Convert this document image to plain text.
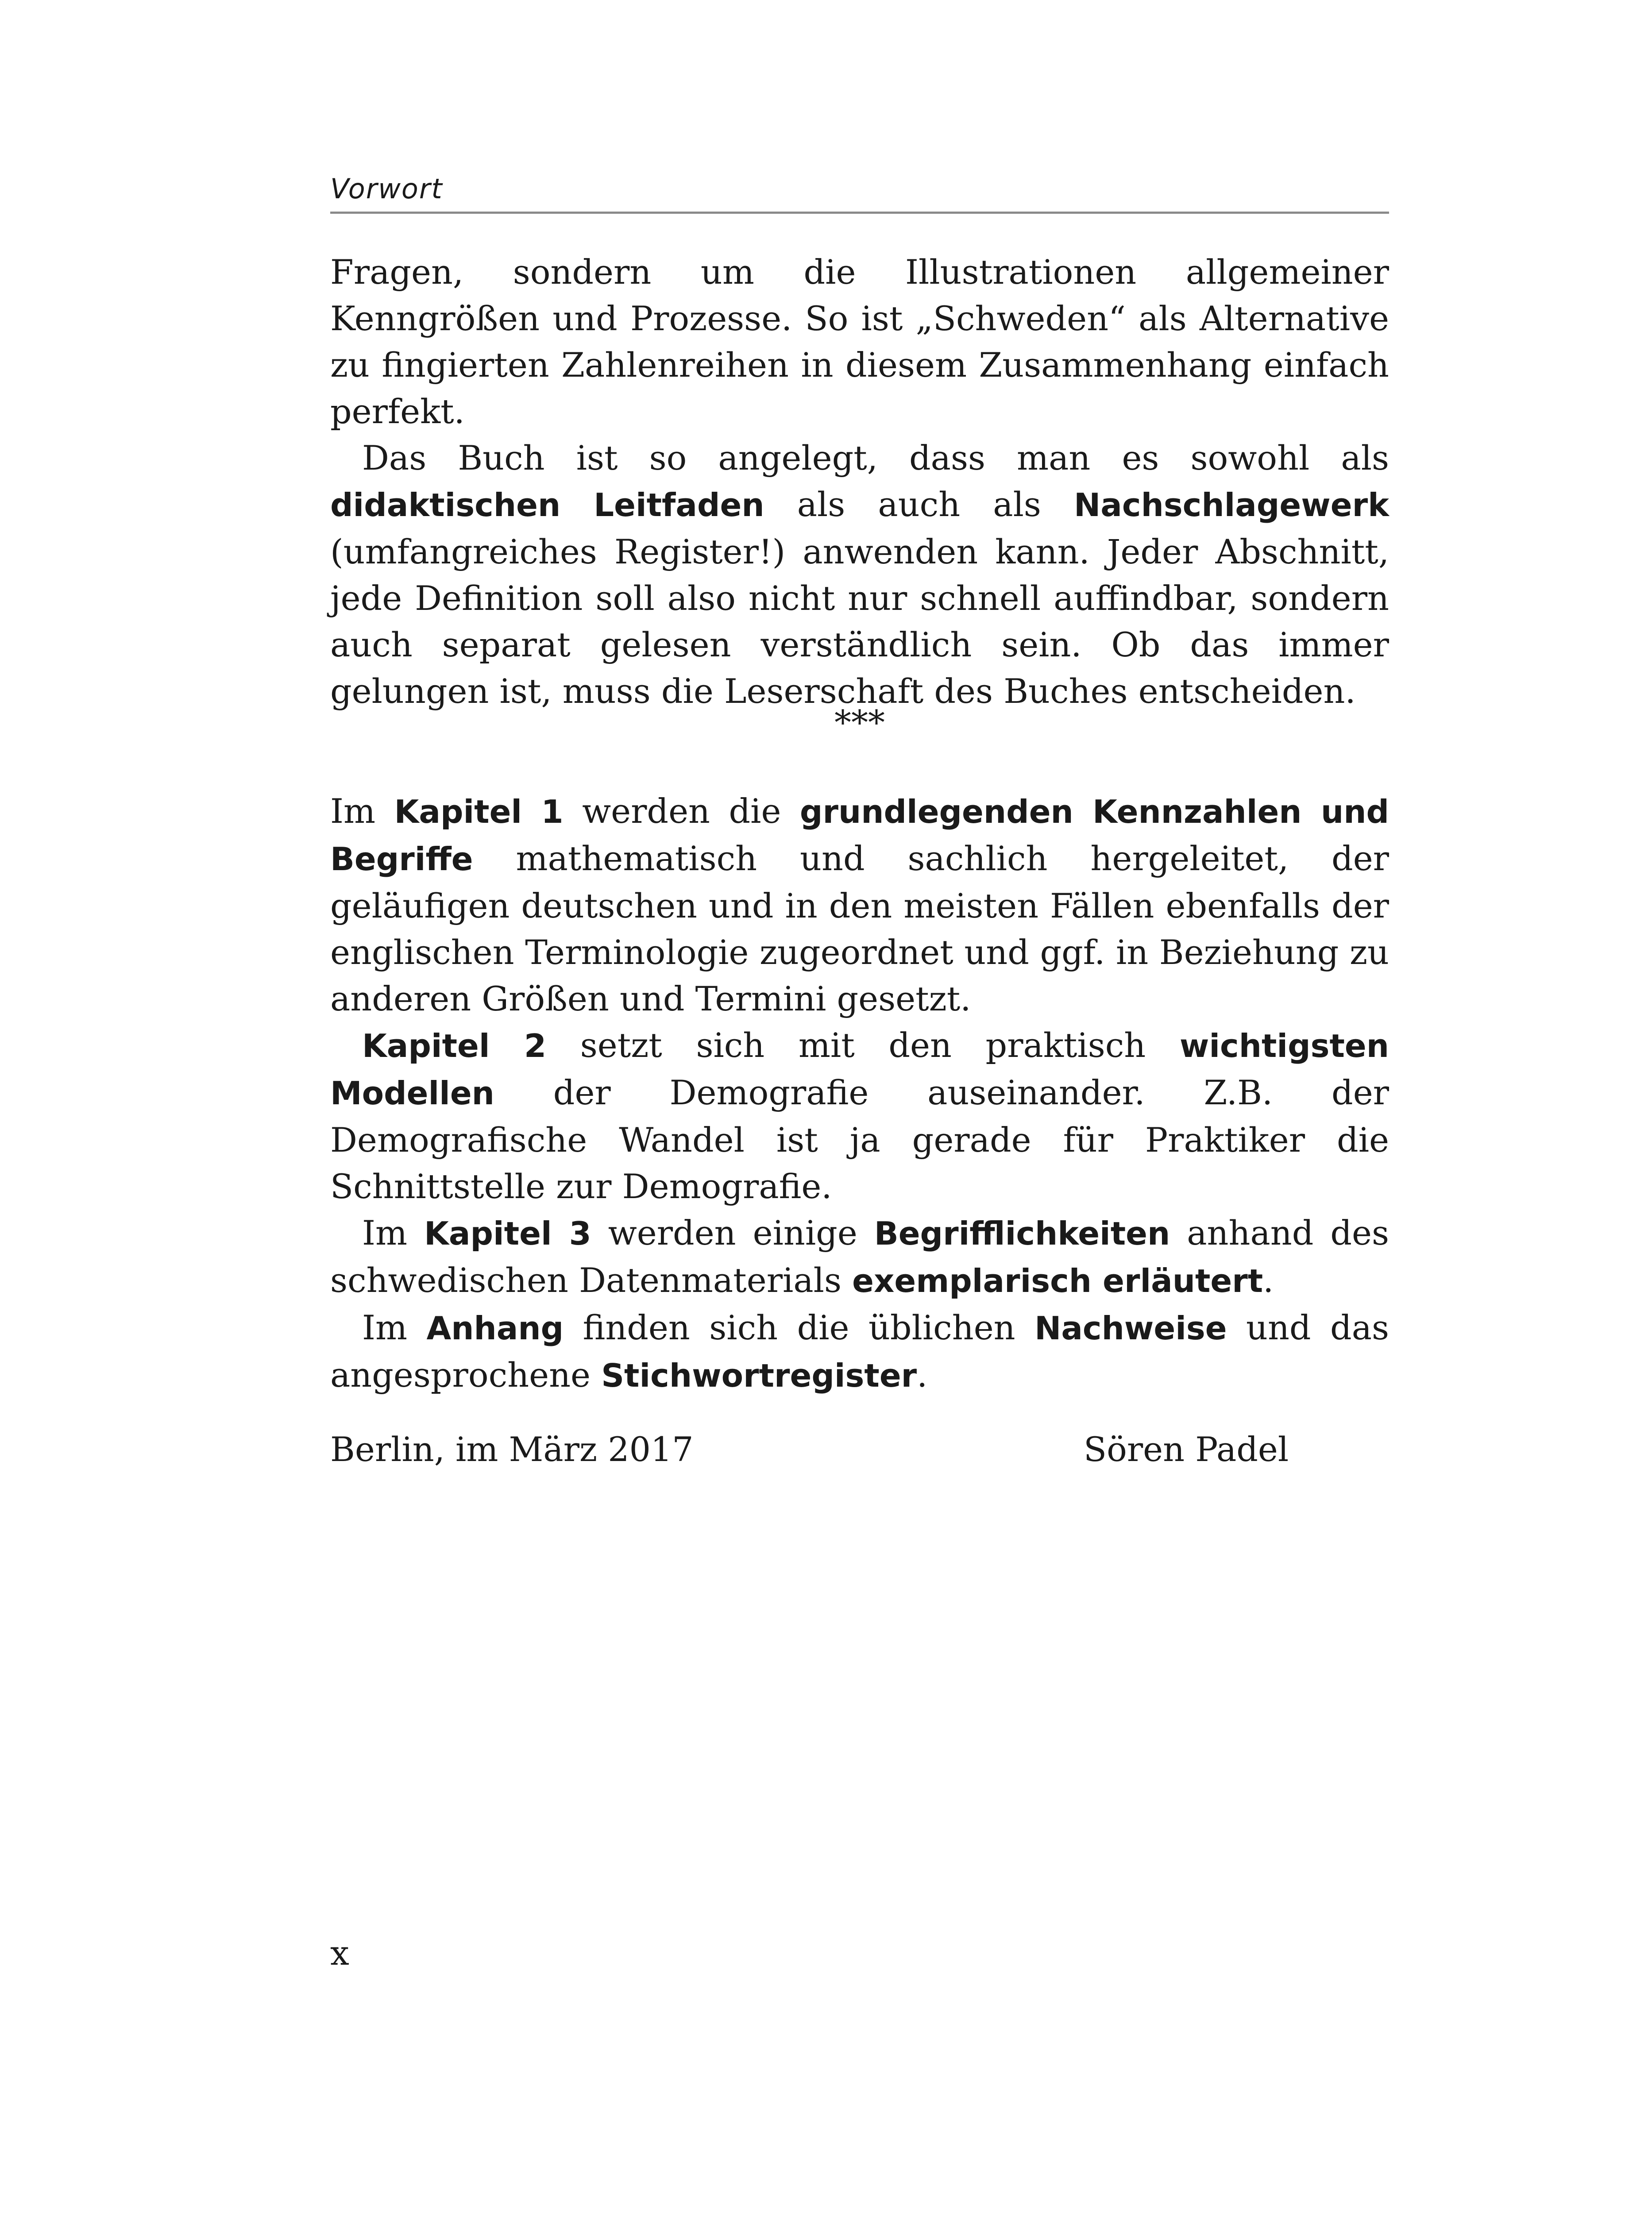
Vorwort

Fragen, sondern um die Illustrationen allgemeiner Kenngrößen und Prozesse. So ist „Schweden“ als Alternative zu fingierten Zahlenreihen in diesem Zusammenhang einfach perfekt.

Das Buch ist so angelegt, dass man es sowohl als didaktischen Leitfaden als auch als Nachschlagewerk (umfangreiches Register!) anwenden kann. Jeder Abschnitt, jede Definition soll also nicht nur schnell auffindbar, sondern auch separat gelesen verständlich sein. Ob das immer gelungen ist, muss die Leserschaft des Buches entscheiden.

***

Im Kapitel 1 werden die grundlegenden Kennzahlen und Begriffe mathematisch und sachlich hergeleitet, der geläufigen deutschen und in den meisten Fällen ebenfalls der englischen Terminologie zugeordnet und ggf. in Beziehung zu anderen Größen und Termini gesetzt.

Kapitel 2 setzt sich mit den praktisch wichtigsten Modellen der Demografie auseinander. Z.B. der Demografische Wandel ist ja gerade für Praktiker die Schnittstelle zur Demografie.

Im Kapitel 3 werden einige Begrifflichkeiten anhand des schwedischen Datenmaterials exemplarisch erläutert.

Im Anhang finden sich die üblichen Nachweise und das angesprochene Stichwortregister.

Berlin, im März 2017	Sören Padel
x
